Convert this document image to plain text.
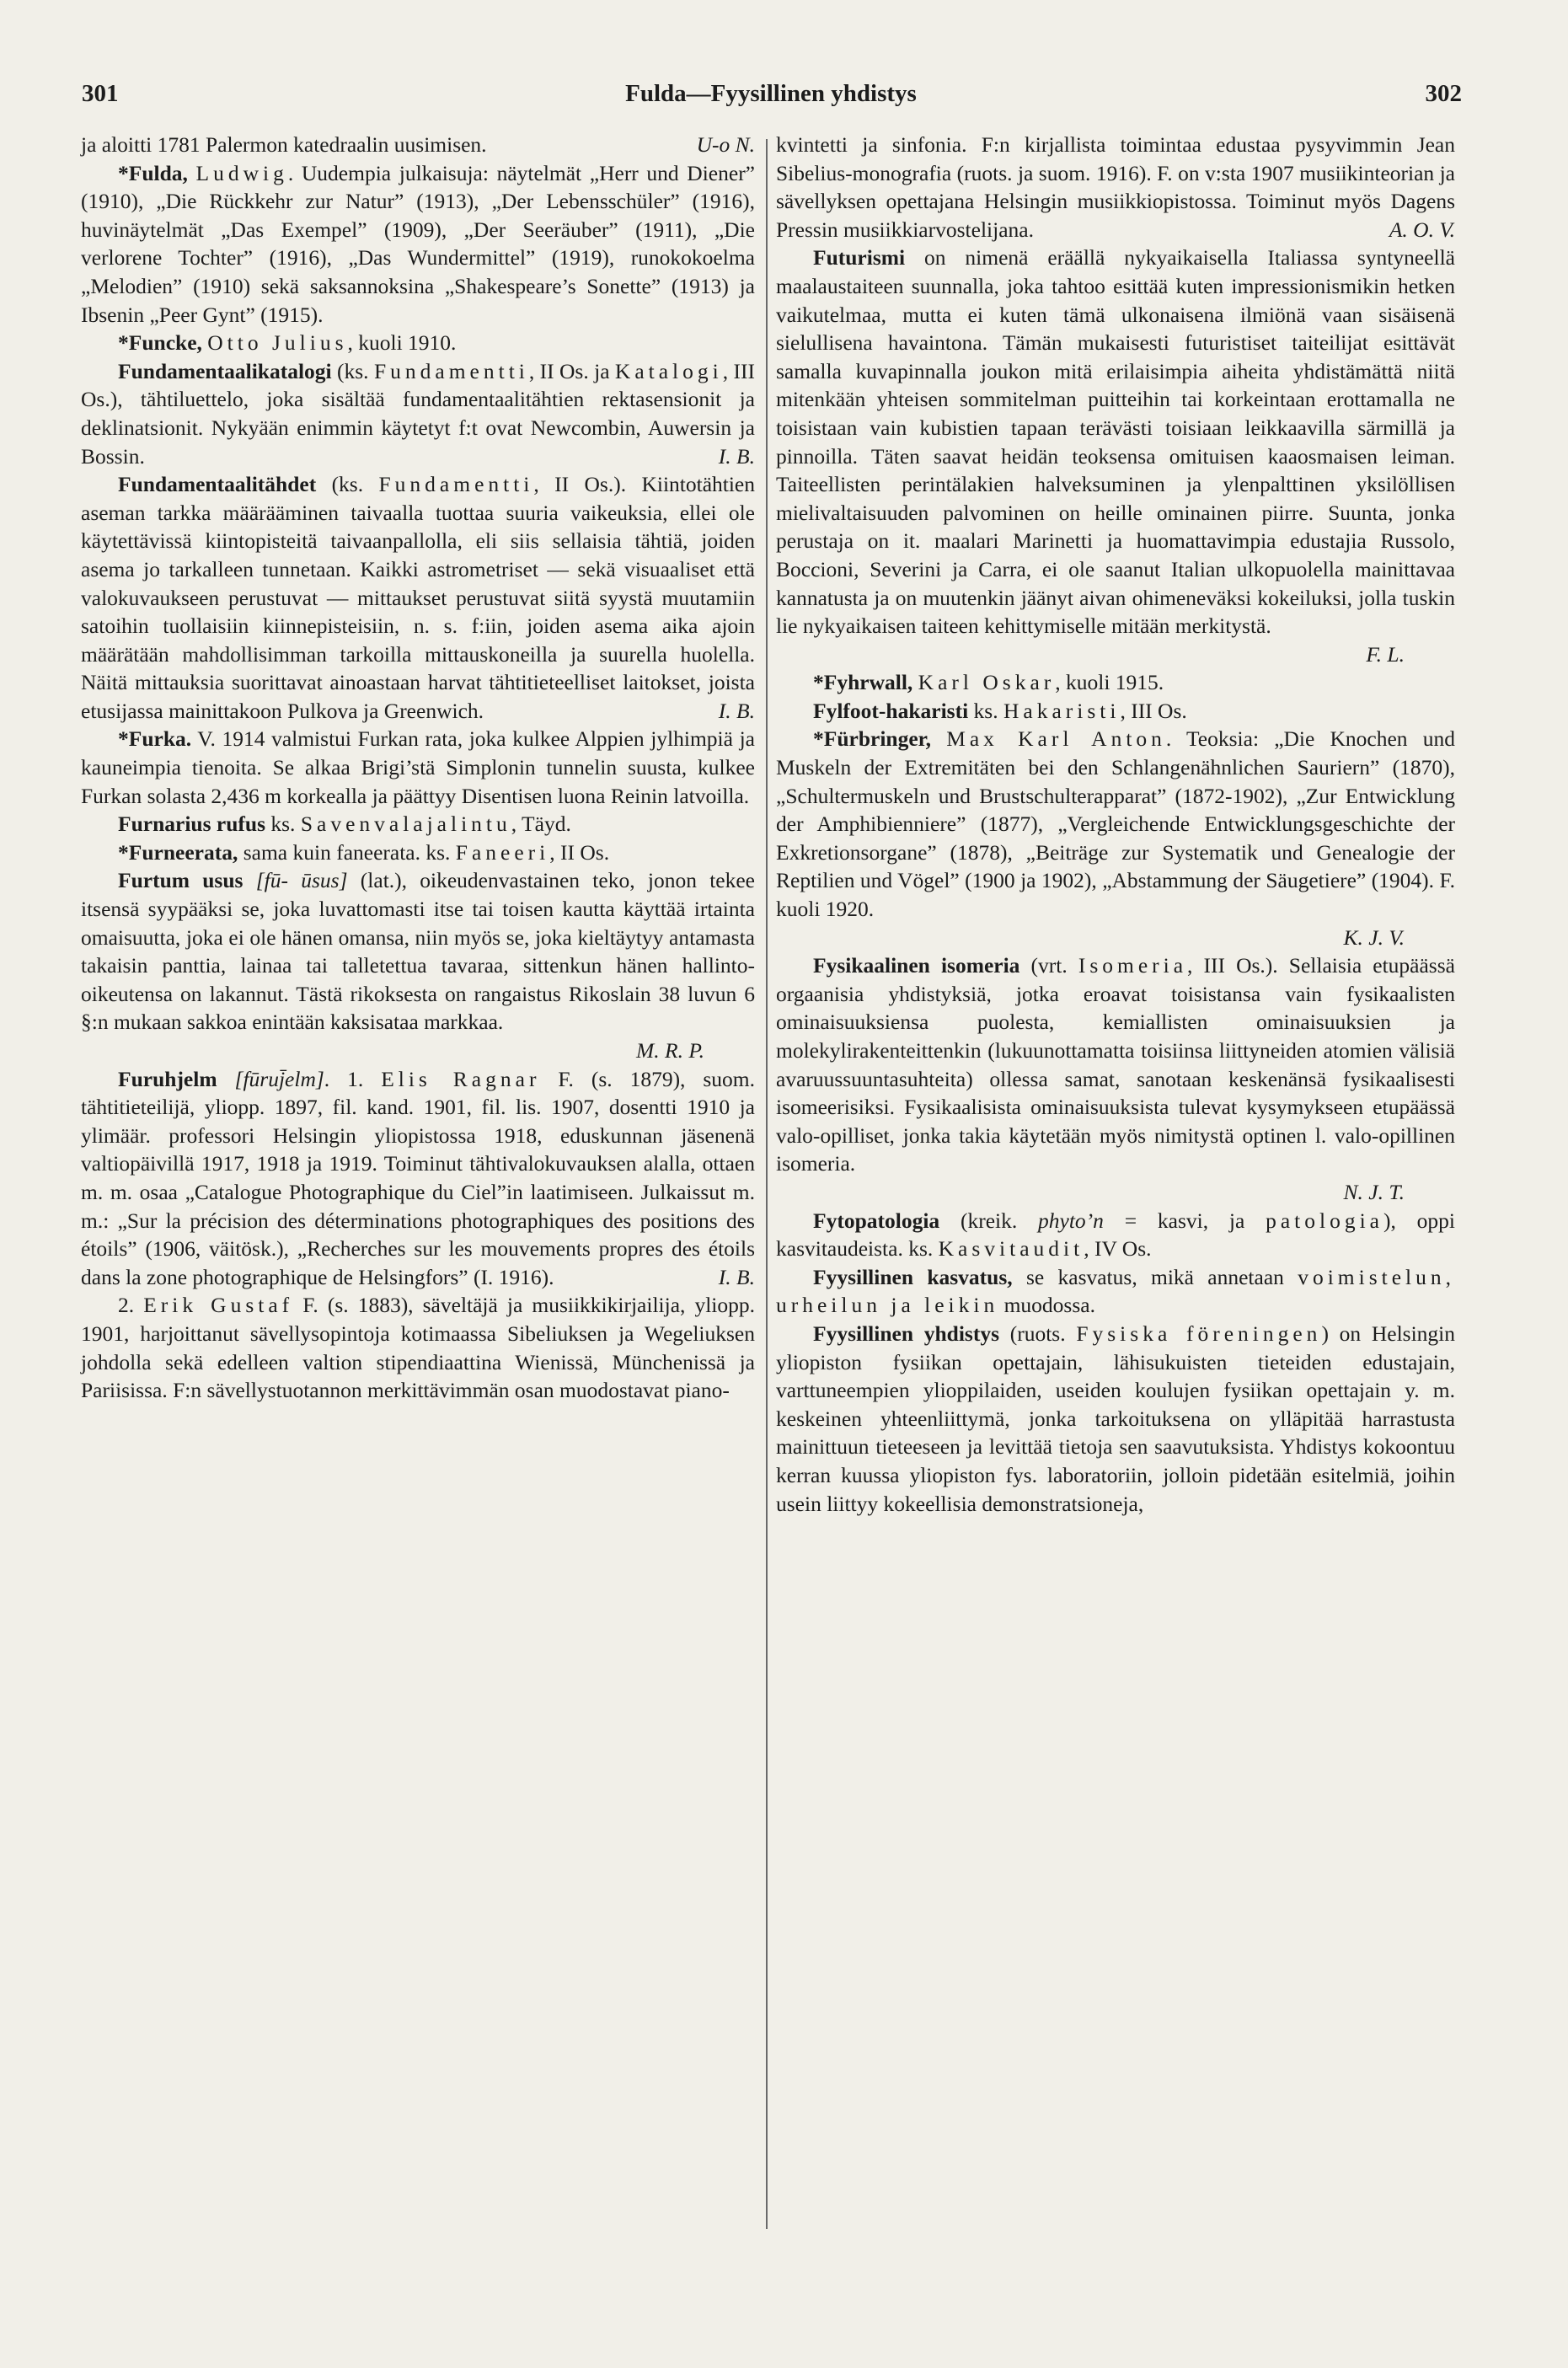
301	Fulda—Fyysillinen yhdistys	302

ja aloitti 1781 Palermon katedraalin uusimisen.	U-o N.

*Fulda, Ludwig. Uudempia julkaisuja: näytelmät „Herr und Diener” (1910), „Die Rückkehr zur Natur” (1913), „Der Lebensschüler” (1916), huvinäytelmät „Das Exempel” (1909), „Der Seeräuber” (1911), „Die verlorene Tochter” (1916), „Das Wundermittel” (1919), runokokoelma „Melodien” (1910) sekä saksannoksina „Shakespeare’s Sonette” (1913) ja Ibsenin „Peer Gynt” (1915).

*Funcke, Otto Julius, kuoli 1910.

Fundamentaalikatalogi (ks. Fundamentti, II Os. ja Katalogi, III Os.), tähtiluettelo, joka sisältää fundamentaalitähtien rektasensionit ja deklinatsionit. Nykyään enimmin käytetyt f:t ovat Newcombin, Auwersin ja Bossin.	I. B.

Fundamentaalitähdet (ks. Fundamentti, II Os.). Kiintotähtien aseman tarkka määrääminen taivaalla tuottaa suuria vaikeuksia, ellei ole käytettävissä kiintopisteitä taivaanpallolla, eli siis sellaisia tähtiä, joiden asema jo tarkalleen tunnetaan. Kaikki astrometriset — sekä visuaaliset että valokuvaukseen perustuvat — mittaukset perustuvat siitä syystä muutamiin satoihin tuollaisiin kiinnepisteisiin, n. s. f:iin, joiden asema aika ajoin määrätään mahdollisimman tarkoilla mittauskoneilla ja suurella huolella. Näitä mittauksia suorittavat ainoastaan harvat tähtitieteelliset laitokset, joista etusijassa mainittakoon Pulkova ja Greenwich.	I. B.

*Furka. V. 1914 valmistui Furkan rata, joka kulkee Alppien jylhimpiä ja kauneimpia tienoita. Se alkaa Brigi’stä Simplonin tunnelin suusta, kulkee Furkan solasta 2,436 m korkealla ja päättyy Disentisen luona Reinin latvoilla.

Furnarius rufus ks. Savenvalajalintu, Täyd.

*Furneerata, sama kuin faneerata. ks. Faneeri, II Os.

Furtum usus [fū- ūsus] (lat.), oikeudenvastainen teko, jonon tekee itsensä syypääksi se, joka luvattomasti itse tai toisen kautta käyttää irtainta omaisuutta, joka ei ole hänen omansa, niin myös se, joka kieltäytyy antamasta takaisin panttia, lainaa tai talletettua tavaraa, sittenkun hänen hallinto-oikeutensa on lakannut. Tästä rikoksesta on rangaistus Rikoslain 38 luvun 6 §:n mukaan sakkoa enintään kaksisataa markkaa.
M. R. P.

Furuhjelm [fūruj̄elm]. 1. Elis Ragnar F. (s. 1879), suom. tähtitieteilijä, yliopp. 1897, fil. kand. 1901, fil. lis. 1907, dosentti 1910 ja ylimäär. professori Helsingin yliopistossa 1918, eduskunnan jäsenenä valtiopäivillä 1917, 1918 ja 1919. Toiminut tähtivalokuvauksen alalla, ottaen m. m. osaa „Catalogue Photographique du Ciel”in laatimiseen. Julkaissut m. m.: „Sur la précision des déterminations photographiques des positions des étoils” (1906, väitösk.), „Recherches sur les mouvements propres des étoils dans la zone photographique de Helsingfors” (I. 1916).	I. B.

2. Erik Gustaf F. (s. 1883), säveltäjä ja musiikkikirjailija, yliopp. 1901, harjoittanut sävellysopintoja kotimaassa Sibeliuksen ja Wegeliuksen johdolla sekä edelleen valtion stipendiaattina Wienissä, Münchenissä ja Pariisissa. F:n sävellystuotannon merkittävimmän osan muodostavat piano-

kvintetti ja sinfonia. F:n kirjallista toimintaa edustaa pysyvimmin Jean Sibelius-monografia (ruots. ja suom. 1916). F. on v:sta 1907 musiikinteorian ja sävellyksen opettajana Helsingin musiikkiopistossa. Toiminut myös Dagens Pressin musiikkiarvostelijana.	A. O. V.

Futurismi on nimenä eräällä nykyaikaisella Italiassa syntyneellä maalaustaiteen suunnalla, joka tahtoo esittää kuten impressionismikin hetken vaikutelmaa, mutta ei kuten tämä ulkonaisena ilmiönä vaan sisäisenä sielullisena havaintona. Tämän mukaisesti futuristiset taiteilijat esittävät samalla kuvapinnalla joukon mitä erilaisimpia aiheita yhdistämättä niitä mitenkään yhteisen sommitelman puitteihin tai korkeintaan erottamalla ne toisistaan vain kubistien tapaan terävästi toisiaan leikkaavilla särmillä ja pinnoilla. Täten saavat heidän teoksensa omituisen kaaosmaisen leiman. Taiteellisten perintälakien halveksuminen ja ylenpalttinen yksilöllisen mielivaltaisuuden palvominen on heille ominainen piirre. Suunta, jonka perustaja on it. maalari Marinetti ja huomattavimpia edustajia Russolo, Boccioni, Severini ja Carra, ei ole saanut Italian ulkopuolella mainittavaa kannatusta ja on muutenkin jäänyt aivan ohimeneväksi kokeiluksi, jolla tuskin lie nykyaikaisen taiteen kehittymiselle mitään merkitystä.
F. L.

*Fyhrwall, Karl Oskar, kuoli 1915.

Fylfoot-hakaristi ks. Hakaristi, III Os.

*Fürbringer, Max Karl Anton. Teoksia: „Die Knochen und Muskeln der Extremitäten bei den Schlangenähnlichen Sauriern” (1870), „Schultermuskeln und Brustschulterapparat” (1872-1902), „Zur Entwicklung der Amphibienniere” (1877), „Vergleichende Entwicklungsgeschichte der Exkretionsorgane” (1878), „Beiträge zur Systematik und Genealogie der Reptilien und Vögel” (1900 ja 1902), „Abstammung der Säugetiere” (1904). F. kuoli 1920.
K. J. V.

Fysikaalinen isomeria (vrt. Isomeria, III Os.). Sellaisia etupäässä orgaanisia yhdistyksiä, jotka eroavat toisistansa vain fysikaalisten ominaisuuksiensa puolesta, kemiallisten ominaisuuksien ja molekylirakenteittenkin (lukuunottamatta toisiinsa liittyneiden atomien välisiä avaruussuuntasuhteita) ollessa samat, sanotaan keskenänsä fysikaalisesti isomeerisiksi. Fysikaalisista ominaisuuksista tulevat kysymykseen etupäässä valo-opilliset, jonka takia käytetään myös nimitystä optinen l. valo-opillinen isomeria.
N. J. T.

Fytopatologia (kreik. phyto’n = kasvi, ja patologia), oppi kasvitaudeista. ks. Kasvitaudit, IV Os.

Fyysillinen kasvatus, se kasvatus, mikä annetaan voimistelun, urheilun ja leikin muodossa.

Fyysillinen yhdistys (ruots. Fysiska föreningen) on Helsingin yliopiston fysiikan opettajain, lähisukuisten tieteiden edustajain, varttuneempien ylioppilaiden, useiden koulujen fysiikan opettajain y. m. keskeinen yhteenliittymä, jonka tarkoituksena on ylläpitää harrastusta mainittuun tieteeseen ja levittää tietoja sen saavutuksista. Yhdistys kokoontuu kerran kuussa yliopiston fys. laboratoriin, jolloin pidetään esitelmiä, joihin usein liittyy kokeellisia demonstratsioneja,
